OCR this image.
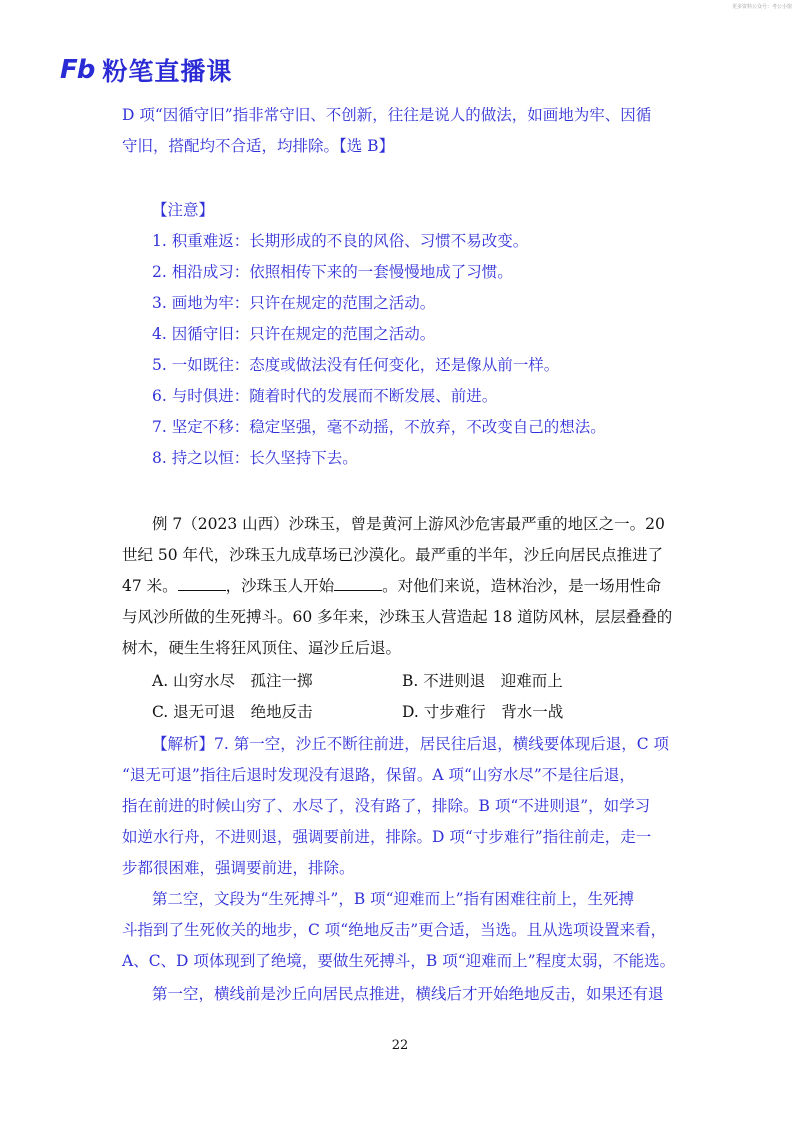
更多资料公众号：考公小窗
Fb 粉笔直播课
D 项“因循守旧”指非常守旧、不创新，往往是说人的做法，如画地为牢、因循
守旧，搭配均不合适，均排除。【选 B】
【注意】
1. 积重难返：长期形成的不良的风俗、习惯不易改变。
2. 相沿成习：依照相传下来的一套慢慢地成了习惯。
3. 画地为牢：只许在规定的范围之活动。
4. 因循守旧：只许在规定的范围之活动。
5. 一如既往：态度或做法没有任何变化，还是像从前一样。
6. 与时俱进：随着时代的发展而不断发展、前进。
7. 坚定不移：稳定坚强，毫不动摇，不放弃，不改变自己的想法。
8. 持之以恒：长久坚持下去。
例 7（2023 山西）沙珠玉，曾是黄河上游风沙危害最严重的地区之一。20
世纪 50 年代，沙珠玉九成草场已沙漠化。最严重的半年，沙丘向居民点推进了
47 米。	，沙珠玉人开始	。对他们来说，造林治沙，是一场用性命
与风沙所做的生死搏斗。60 多年来，沙珠玉人营造起 18 道防风林，层层叠叠的
树木，硬生生将狂风顶住、逼沙丘后退。
A. 山穷水尽　孤注一掷	B. 不进则退　迎难而上
C. 退无可退　绝地反击	D. 寸步难行　背水一战
【解析】7. 第一空，沙丘不断往前进，居民往后退，横线要体现后退，C 项
“退无可退”指往后退时发现没有退路，保留。A 项“山穷水尽”不是往后退，
指在前进的时候山穷了、水尽了，没有路了，排除。B 项“不进则退”，如学习
如逆水行舟，不进则退，强调要前进，排除。D 项“寸步难行”指往前走，走一
步都很困难，强调要前进，排除。
第二空，文段为“生死搏斗”，B 项“迎难而上”指有困难往前上，生死搏
斗指到了生死攸关的地步，C 项“绝地反击”更合适，当选。且从选项设置来看，
A、C、D 项体现到了绝境，要做生死搏斗，B 项“迎难而上”程度太弱，不能选。
第一空，横线前是沙丘向居民点推进，横线后才开始绝地反击，如果还有退
22
